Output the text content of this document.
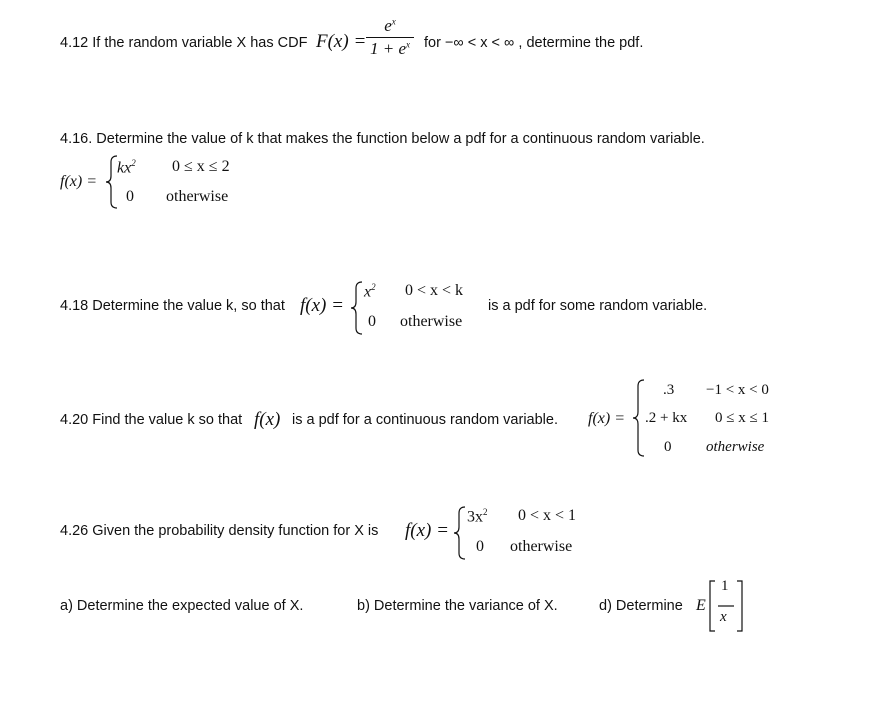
4.12 If the random variable X has CDF $F(x) = \frac{e^x}{1 + e^x}$ for −∞ < x < ∞ , determine the pdf.
4.16. Determine the value of k that makes the function below a pdf for a continuous random variable.
f(x) =
$kx^2$ 0 ≤ x ≤ 2
0 otherwise
4.18 Determine the value k, so that f(x) =
$x^2$ 0 < x < k
0 otherwise
is a pdf for some random variable.
4.20 Find the value k so that f(x) is a pdf for a continuous random variable. f(x) =
.3 −1 < x < 0
.2 + kx 0 ≤ x ≤ 1
0 otherwise
4.26 Given the probability density function for X is f(x) =
$3x^2$ 0 < x < 1
0 otherwise
a) Determine the expected value of X.	b) Determine the variance of X.	d) Determine E
1
x
